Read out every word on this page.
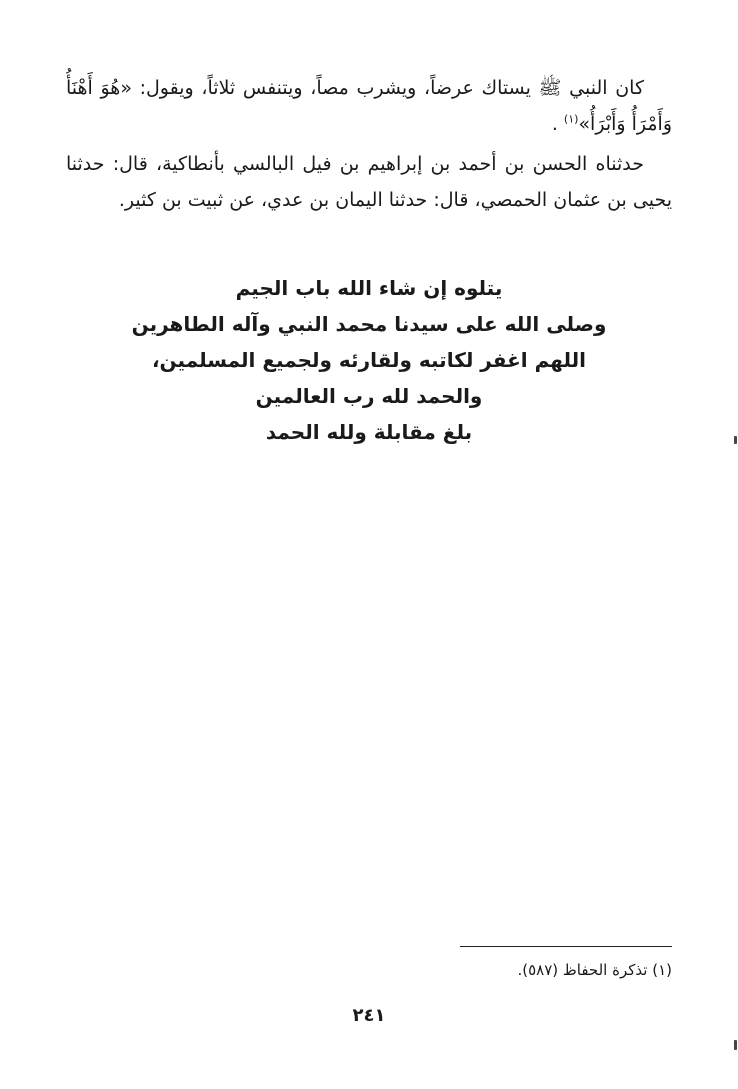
كان النبي ﷺ يستاك عرضاً، ويشرب مصاً، ويتنفس ثلاثاً، ويقول: «هُوَ أَهْنَأُ وَأَمْرَأُ وَأَبْرَأُ»$^{(١)}$ .

حدثناه الحسن بن أحمد بن إبراهيم بن فيل البالسي بأنطاكية، قال: حدثنا يحيى بن عثمان الحمصي، قال: حدثنا اليمان بن عدي، عن ثبيت بن كثير.

يتلوه إن شاء الله باب الجيم
وصلى الله على سيدنا محمد النبي وآله الطاهرين
اللهم اغفر لكاتبه ولقارئه ولجميع المسلمين،
والحمد لله رب العالمين
بلغ مقابلة ولله الحمد
(١) تذكرة الحفاظ (٥٨٧).
٢٤١
